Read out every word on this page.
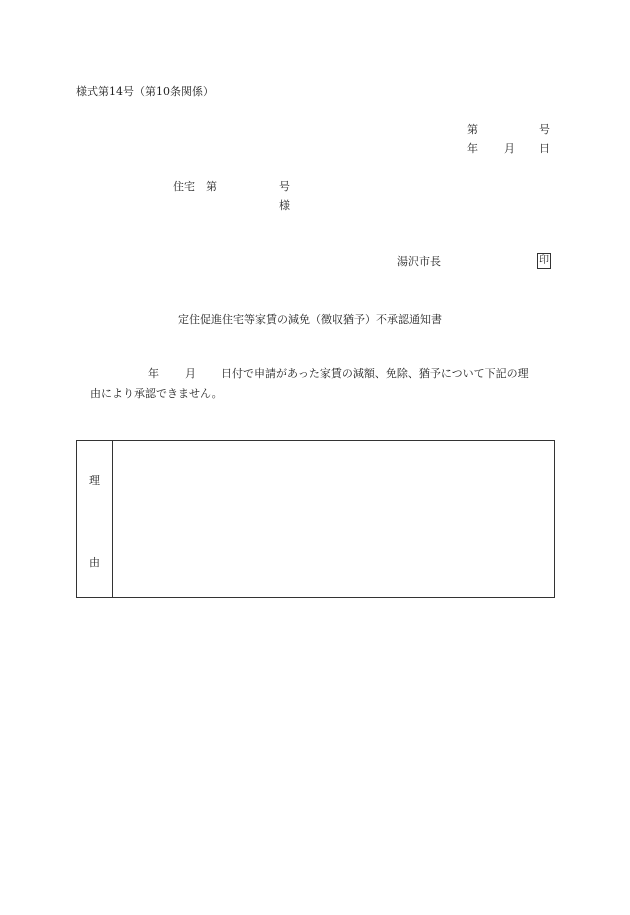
様式第14号（第10条関係）
第	号
年 月 日
住宅 第	号
様
湯沢市長	印
定住促進住宅等家賃の減免（徴収猶予）不承認通知書
年 月 日付で申請があった家賃の減額、免除、猶予について下記の理
由により承認できません。
理
由
